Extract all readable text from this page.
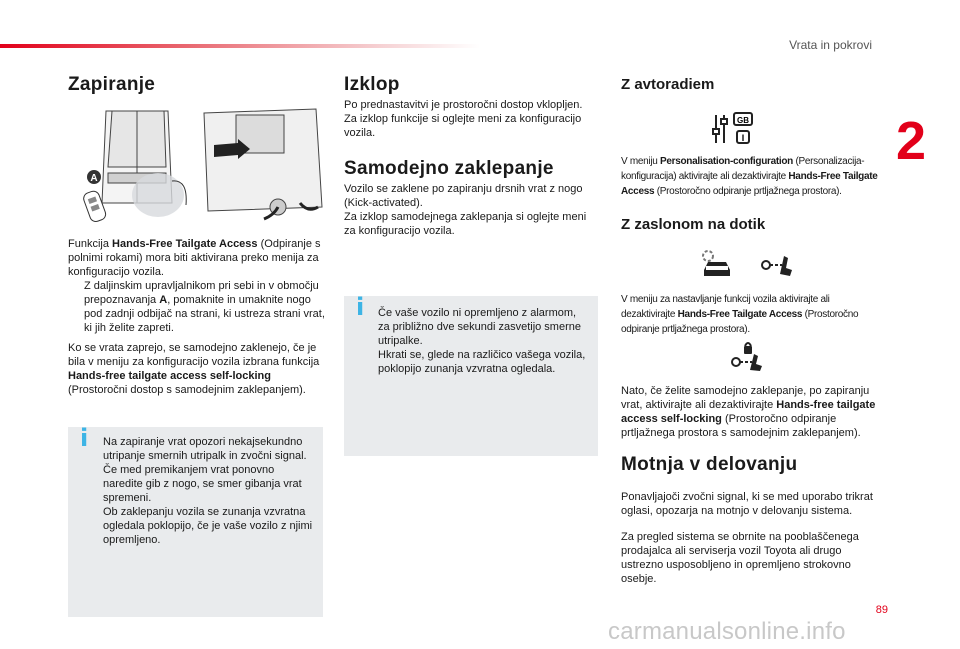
Vrata in pokrovi
2
89
carmanualsonline.info
Zapiranje
A

Funkcija Hands-Free Tailgate Access (Odpiranje s polnimi rokami) mora biti aktivirana preko menija za konfiguracijo vozila.

Z daljinskim upravljalnikom pri sebi in v območju prepoznavanja A, pomaknite in umaknite nogo pod zadnji odbijač na strani, ki ustreza strani vrat, ki jih želite zapreti.

Ko se vrata zaprejo, se samodejno zaklenejo, če je bila v meniju za konfiguracijo vozila izbrana funkcija Hands-free tailgate access self-locking (Prostoročni dostop s samodejnim zaklepanjem).

i Na zapiranje vrat opozori nekajsekundno utripanje smernih utripalk in zvočni signal.

Če med premikanjem vrat ponovno naredite gib z nogo, se smer gibanja vrat spremeni.

Ob zaklepanju vozila se zunanja vzvratna ogledala poklopijo, če je vaše vozilo z njimi opremljeno.

Izklop

Po prednastavitvi je prostoročni dostop vklopljen.

Za izklop funkcije si oglejte meni za konfiguracijo vozila.

Samodejno zaklepanje

Vozilo se zaklene po zapiranju drsnih vrat z nogo (Kick-activated).

Za izklop samodejnega zaklepanja si oglejte meni za konfiguracijo vozila.

i Če vaše vozilo ni opremljeno z alarmom, za približno dve sekundi zasvetijo smerne utripalke.

Hkrati se, glede na različico vašega vozila, poklopijo zunanja vzvratna ogledala.

Z avtoradiem
GB
I

V meniju Personalisation-configuration (Personalizacija-konfiguracija) aktivirajte ali dezaktivirajte Hands-Free Tailgate Access (Prostoročno odpiranje prtljažnega prostora).

Z zaslonom na dotik

V meniju za nastavljanje funkcij vozila aktivirajte ali dezaktivirajte Hands-Free Tailgate Access (Prostoročno odpiranje prtljažnega prostora).

Nato, če želite samodejno zaklepanje, po zapiranju vrat, aktivirajte ali dezaktivirajte Hands-free tailgate access self-locking (Prostoročno odpiranje prtljažnega prostora s samodejnim zaklepanjem).

Motnja v delovanju

Ponavljajoči zvočni signal, ki se med uporabo trikrat oglasi, opozarja na motnjo v delovanju sistema.

Za pregled sistema se obrnite na pooblaščenega prodajalca ali serviserja vozil Toyota ali drugo ustrezno usposobljeno in opremljeno strokovno osebje.
